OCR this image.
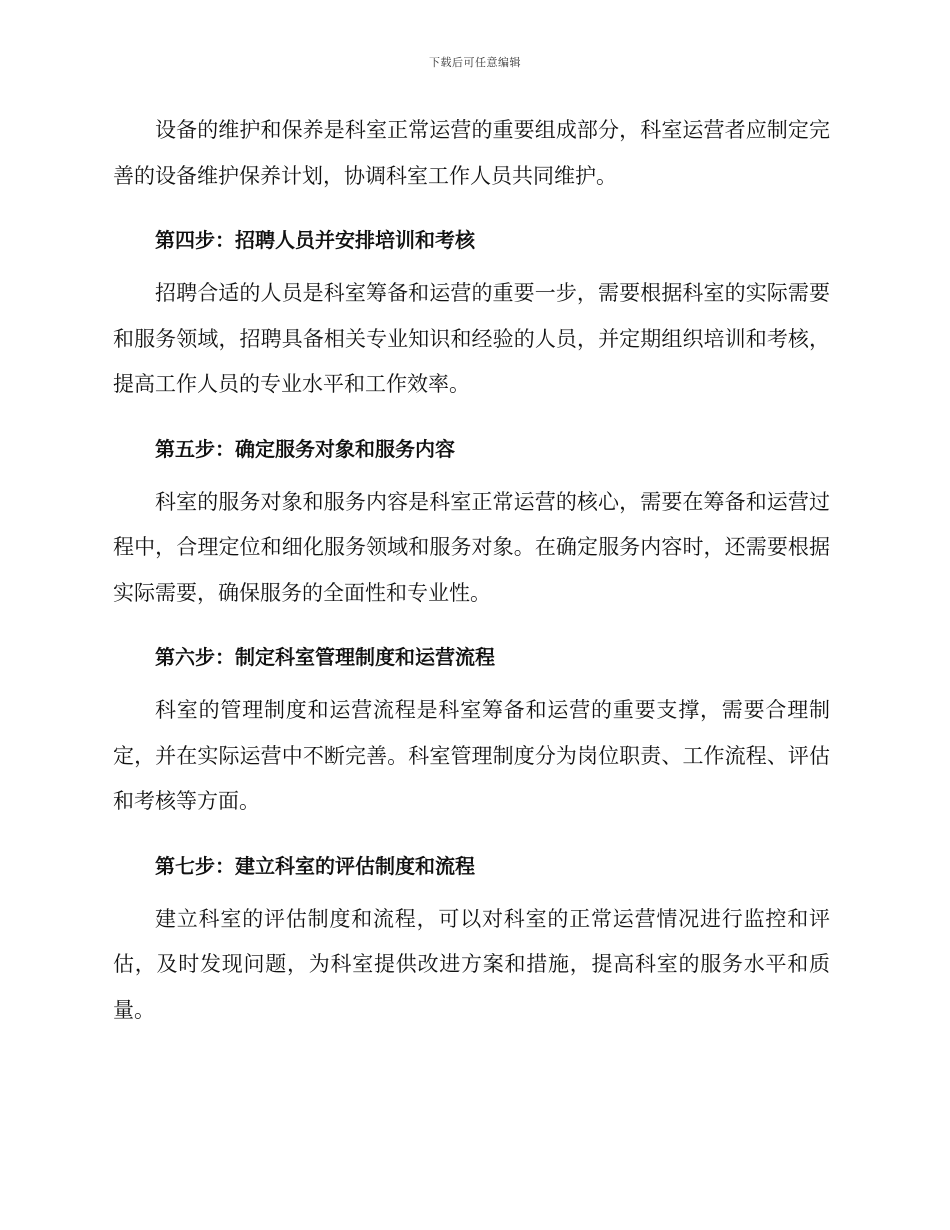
下载后可任意编辑

设备的维护和保养是科室正常运营的重要组成部分，科室运营者应制定完善的设备维护保养计划，协调科室工作人员共同维护。

第四步：招聘人员并安排培训和考核

招聘合适的人员是科室筹备和运营的重要一步，需要根据科室的实际需要和服务领域，招聘具备相关专业知识和经验的人员，并定期组织培训和考核，提高工作人员的专业水平和工作效率。

第五步：确定服务对象和服务内容

科室的服务对象和服务内容是科室正常运营的核心，需要在筹备和运营过程中，合理定位和细化服务领域和服务对象。在确定服务内容时，还需要根据实际需要，确保服务的全面性和专业性。

第六步：制定科室管理制度和运营流程

科室的管理制度和运营流程是科室筹备和运营的重要支撑，需要合理制定，并在实际运营中不断完善。科室管理制度分为岗位职责、工作流程、评估和考核等方面。

第七步：建立科室的评估制度和流程

建立科室的评估制度和流程，可以对科室的正常运营情况进行监控和评估，及时发现问题，为科室提供改进方案和措施，提高科室的服务水平和质量。
